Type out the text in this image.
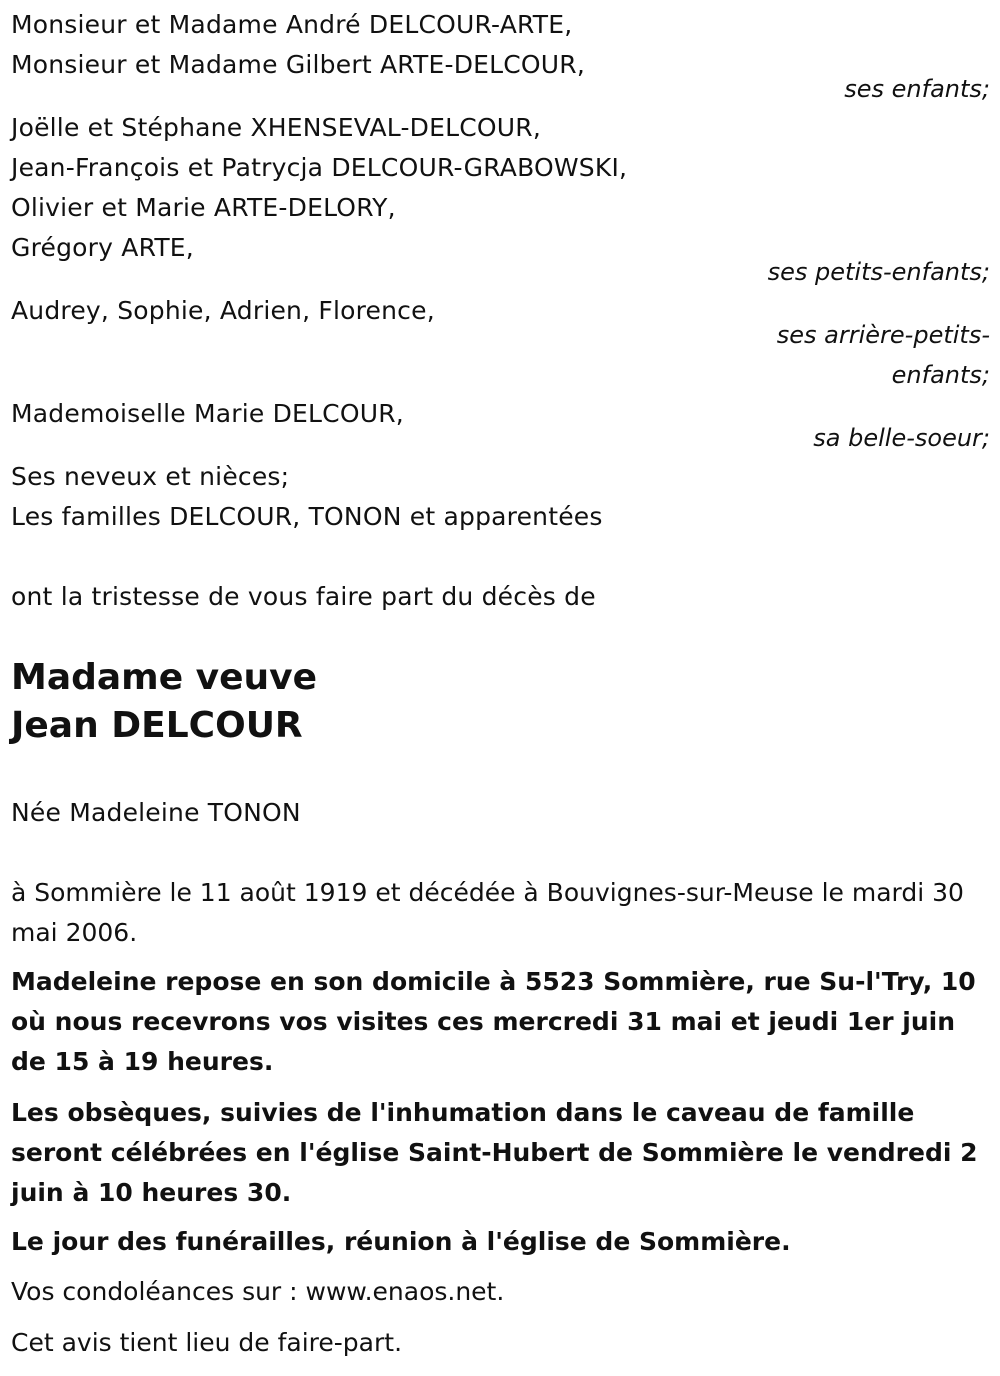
Monsieur et Madame André DELCOUR-ARTE,
Monsieur et Madame Gilbert ARTE-DELCOUR,
ses enfants;
Joëlle et Stéphane XHENSEVAL-DELCOUR,
Jean-François et Patrycja DELCOUR-GRABOWSKI,
Olivier et Marie ARTE-DELORY,
Grégory ARTE,
ses petits-enfants;
Audrey, Sophie, Adrien, Florence,
ses arrière-petits-
enfants;
Mademoiselle Marie DELCOUR,
sa belle-soeur;
Ses neveux et nièces;
Les familles DELCOUR, TONON et apparentées
ont la tristesse de vous faire part du décès de
Madame veuve
Jean DELCOUR
Née Madeleine TONON
à Sommière le 11 août 1919 et décédée à Bouvignes-sur-Meuse le mardi 30 mai 2006.
Madeleine repose en son domicile à 5523 Sommière, rue Su-l'Try, 10 où nous recevrons vos visites ces mercredi 31 mai et jeudi 1er juin de 15 à 19 heures.
Les obsèques, suivies de l'inhumation dans le caveau de famille seront célébrées en l'église Saint-Hubert de Sommière le vendredi 2 juin à 10 heures 30.
Le jour des funérailles, réunion à l'église de Sommière.
Vos condoléances sur : www.enaos.net.
Cet avis tient lieu de faire-part.
